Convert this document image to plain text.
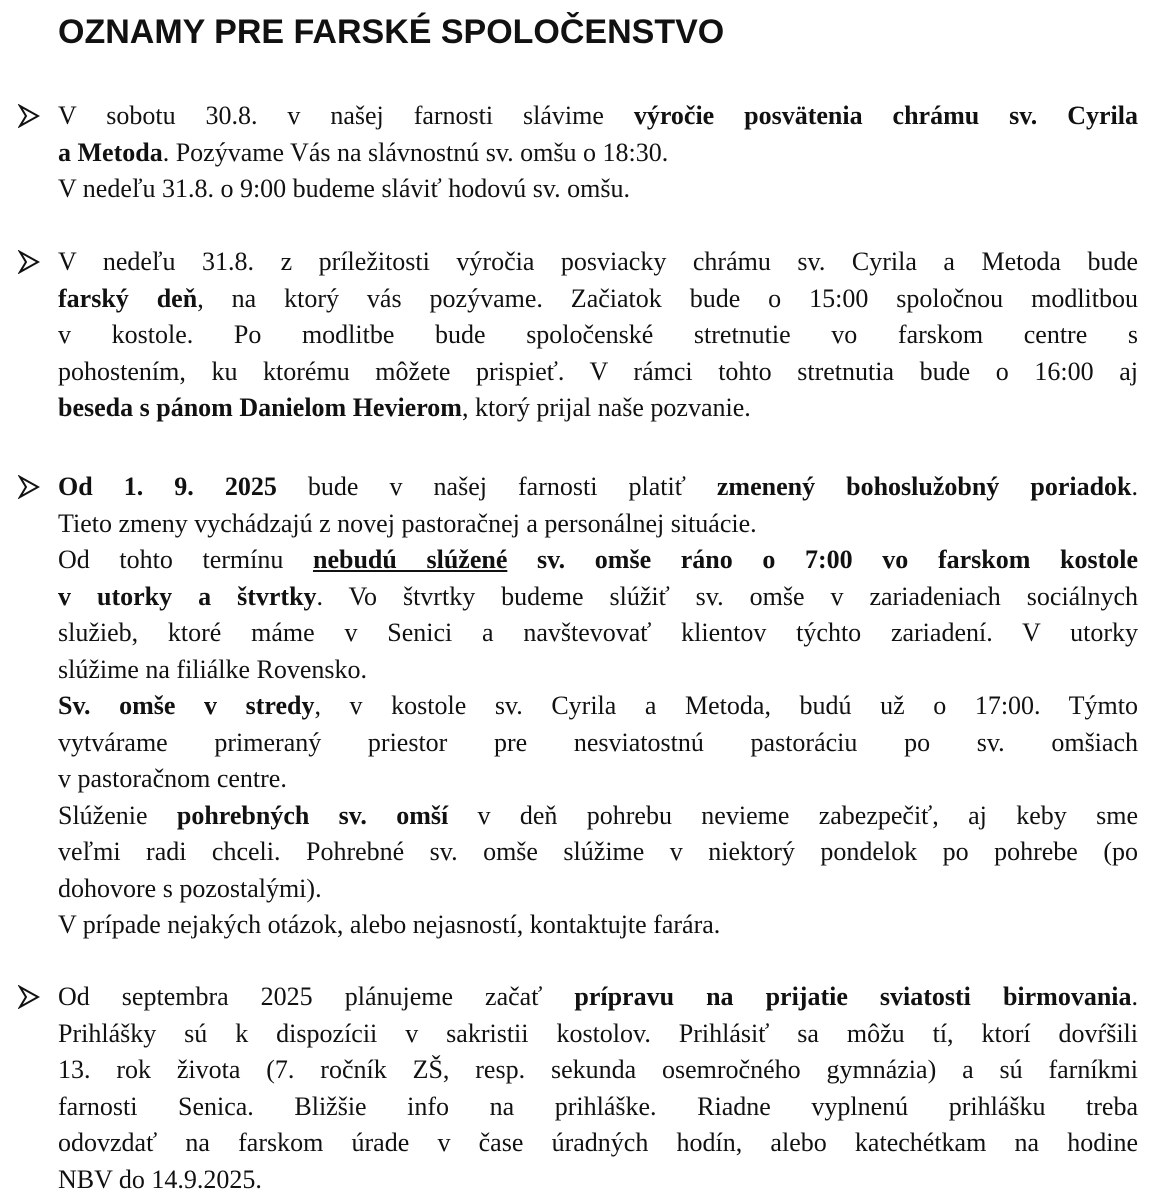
OZNAMY PRE FARSKÉ SPOLOČENSTVO
V sobotu 30.8. v našej farnosti slávime výročie posvätenia chrámu sv. Cyrila
a Metoda. Pozývame Vás na slávnostnú sv. omšu o 18:30.
V nedeľu 31.8. o 9:00 budeme sláviť hodovú sv. omšu.
V nedeľu 31.8. z príležitosti výročia posviacky chrámu sv. Cyrila a Metoda bude
farský deň, na ktorý vás pozývame. Začiatok bude o 15:00 spoločnou modlitbou
v kostole. Po modlitbe bude spoločenské stretnutie vo farskom centre s
pohostením, ku ktorému môžete prispieť. V rámci tohto stretnutia bude o 16:00 aj
beseda s pánom Danielom Hevierom, ktorý prijal naše pozvanie.
Od 1. 9. 2025 bude v našej farnosti platiť zmenený bohoslužobný poriadok.
Tieto zmeny vychádzajú z novej pastoračnej a personálnej situácie.
Od tohto termínu nebudú slúžené sv. omše ráno o 7:00 vo farskom kostole
v utorky a štvrtky. Vo štvrtky budeme slúžiť sv. omše v zariadeniach sociálnych
služieb, ktoré máme v Senici a navštevovať klientov týchto zariadení. V utorky
slúžime na filiálke Rovensko.
Sv. omše v stredy, v kostole sv. Cyrila a Metoda, budú už o 17:00. Týmto
vytvárame primeraný priestor pre nesviatostnú pastoráciu po sv. omšiach
v pastoračnom centre.
Slúženie pohrebných sv. omší v deň pohrebu nevieme zabezpečiť, aj keby sme
veľmi radi chceli. Pohrebné sv. omše slúžime v niektorý pondelok po pohrebe (po
dohovore s pozostalými).
V prípade nejakých otázok, alebo nejasností, kontaktujte farára.
Od septembra 2025 plánujeme začať prípravu na prijatie sviatosti birmovania.
Prihlášky sú k dispozícii v sakristii kostolov. Prihlásiť sa môžu tí, ktorí dovŕšili
13. rok života (7. ročník ZŠ, resp. sekunda osemročného gymnázia) a sú farníkmi
farnosti Senica. Bližšie info na prihláške. Riadne vyplnenú prihlášku treba
odovzdať na farskom úrade v čase úradných hodín, alebo katechétkam na hodine
NBV do 14.9.2025.
